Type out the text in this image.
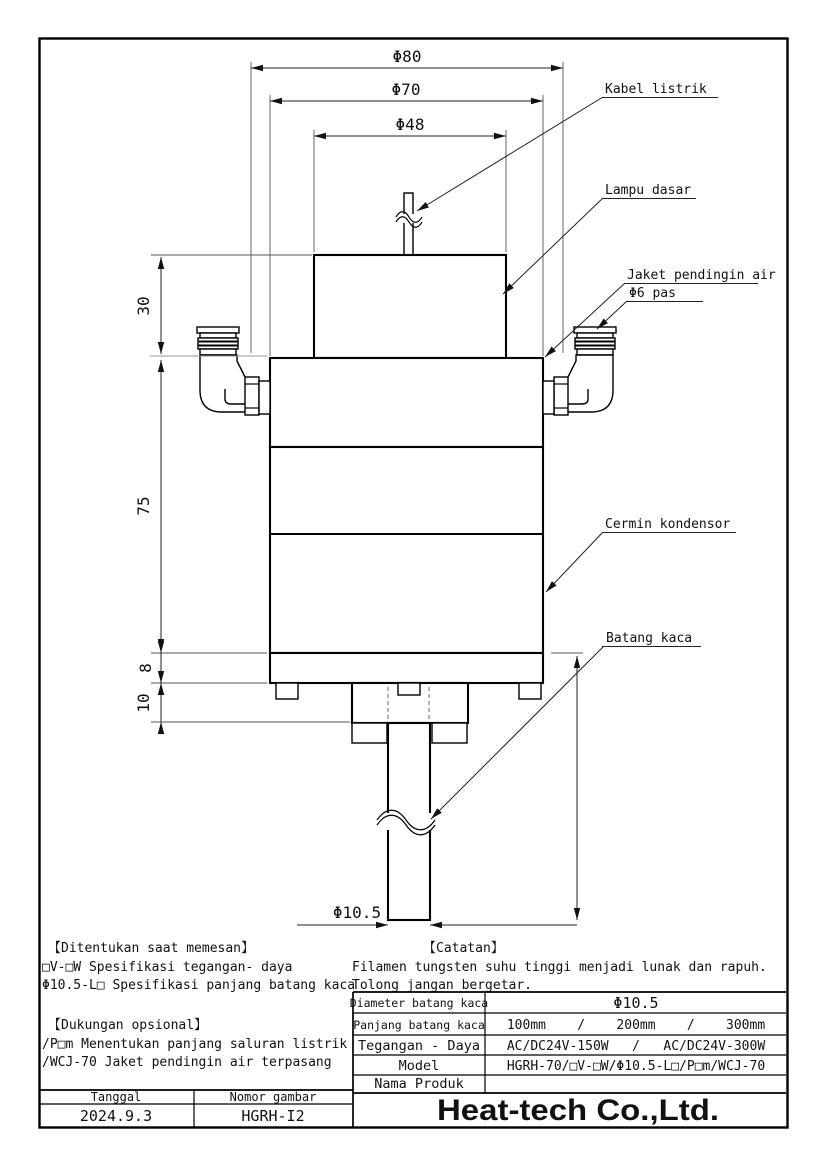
Φ80
Φ70
Φ48
30
75
8
10
Φ10.5
Kabel listrik
Lampu dasar
Jaket pendingin air
Φ6 pas
Cermin kondensor
Batang kaca
【Ditentukan saat memesan】
□V-□W Spesifikasi tegangan- daya
Φ10.5-L□ Spesifikasi panjang batang kaca
【Dukungan opsional】
/P□m Menentukan panjang saluran listrik
/WCJ-70 Jaket pendingin air terpasang
【Catatan】
Filamen tungsten suhu tinggi menjadi lunak dan rapuh.
Tolong jangan bergetar.
Diameter batang kaca	Φ10.5
Panjang batang kaca 100mm    /    200mm    /    300mm
Tegangan - Daya AC/DC24V-150W   /   AC/DC24V-300W
Model	HGRH-70/□V-□W/Φ10.5-L□/P□m/WCJ-70
Nama Produk
Heat-tech Co.,Ltd.
Tanggal	Nomor gambar
2024.9.3	HGRH-I2
